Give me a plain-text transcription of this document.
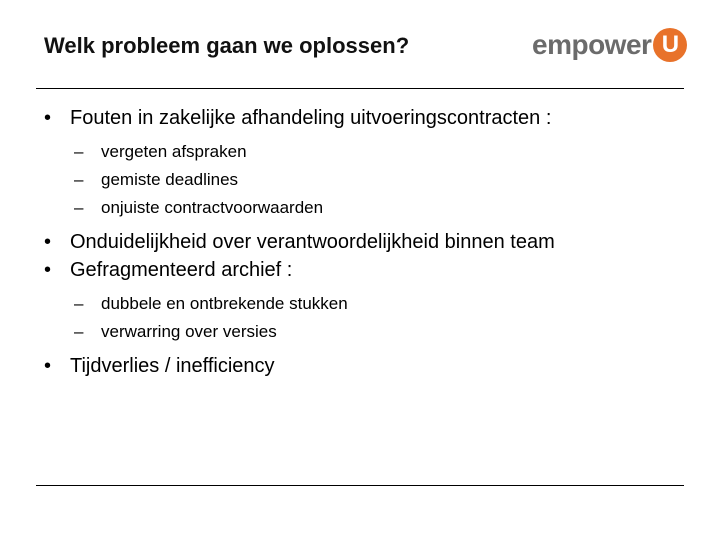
Welk probleem gaan we oplossen?	empower U

• Fouten in zakelijke afhandeling uitvoeringscontracten :

–	vergeten afspraken
–	gemiste deadlines
–	onjuiste contractvoorwaarden

• Onduidelijkheid over verantwoordelijkheid binnen team

• Gefragmenteerd archief :

–	dubbele en ontbrekende stukken
–	verwarring over versies

• Tijdverlies / inefficiency
